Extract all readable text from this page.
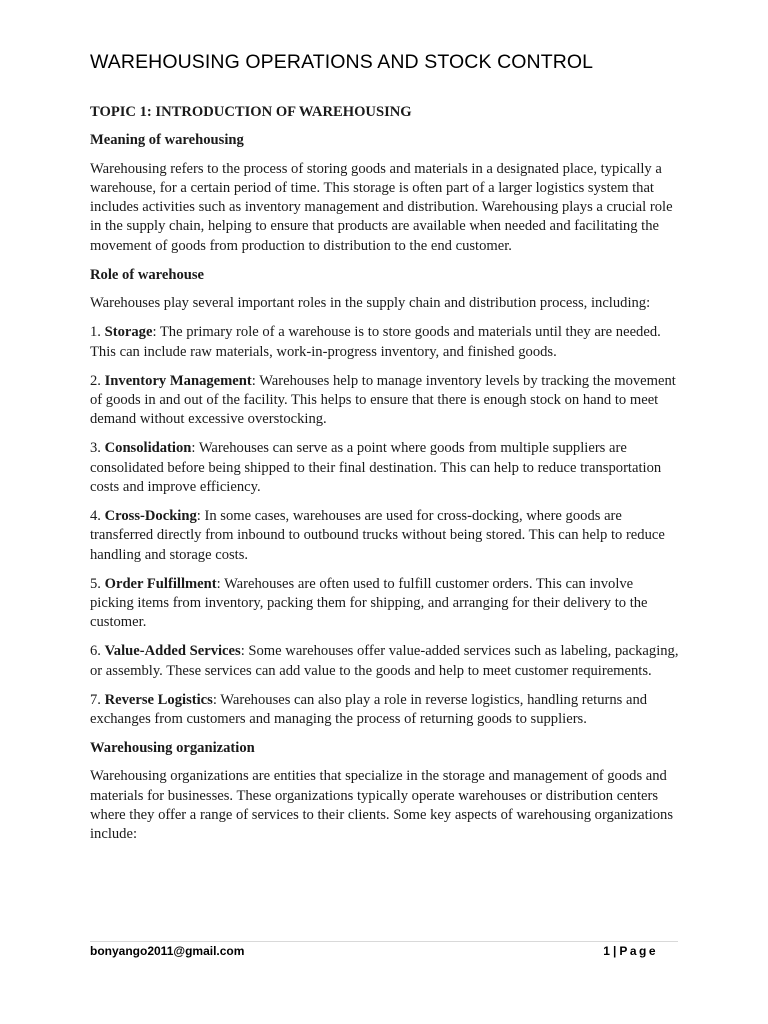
WAREHOUSING OPERATIONS AND STOCK CONTROL
TOPIC 1: INTRODUCTION OF WAREHOUSING
Meaning of warehousing

Warehousing refers to the process of storing goods and materials in a designated place, typically a warehouse, for a certain period of time. This storage is often part of a larger logistics system that includes activities such as inventory management and distribution. Warehousing plays a crucial role in the supply chain, helping to ensure that products are available when needed and facilitating the movement of goods from production to distribution to the end customer.

Role of warehouse

Warehouses play several important roles in the supply chain and distribution process, including:

1. Storage: The primary role of a warehouse is to store goods and materials until they are needed. This can include raw materials, work-in-progress inventory, and finished goods.

2. Inventory Management: Warehouses help to manage inventory levels by tracking the movement of goods in and out of the facility. This helps to ensure that there is enough stock on hand to meet demand without excessive overstocking.

3. Consolidation: Warehouses can serve as a point where goods from multiple suppliers are consolidated before being shipped to their final destination. This can help to reduce transportation costs and improve efficiency.

4. Cross-Docking: In some cases, warehouses are used for cross-docking, where goods are transferred directly from inbound to outbound trucks without being stored. This can help to reduce handling and storage costs.

5. Order Fulfillment: Warehouses are often used to fulfill customer orders. This can involve picking items from inventory, packing them for shipping, and arranging for their delivery to the customer.

6. Value-Added Services: Some warehouses offer value-added services such as labeling, packaging, or assembly. These services can add value to the goods and help to meet customer requirements.

7. Reverse Logistics: Warehouses can also play a role in reverse logistics, handling returns and exchanges from customers and managing the process of returning goods to suppliers.

Warehousing organization

Warehousing organizations are entities that specialize in the storage and management of goods and materials for businesses. These organizations typically operate warehouses or distribution centers where they offer a range of services to their clients. Some key aspects of warehousing organizations include:

bonyango2011@gmail.com	1 | Page
